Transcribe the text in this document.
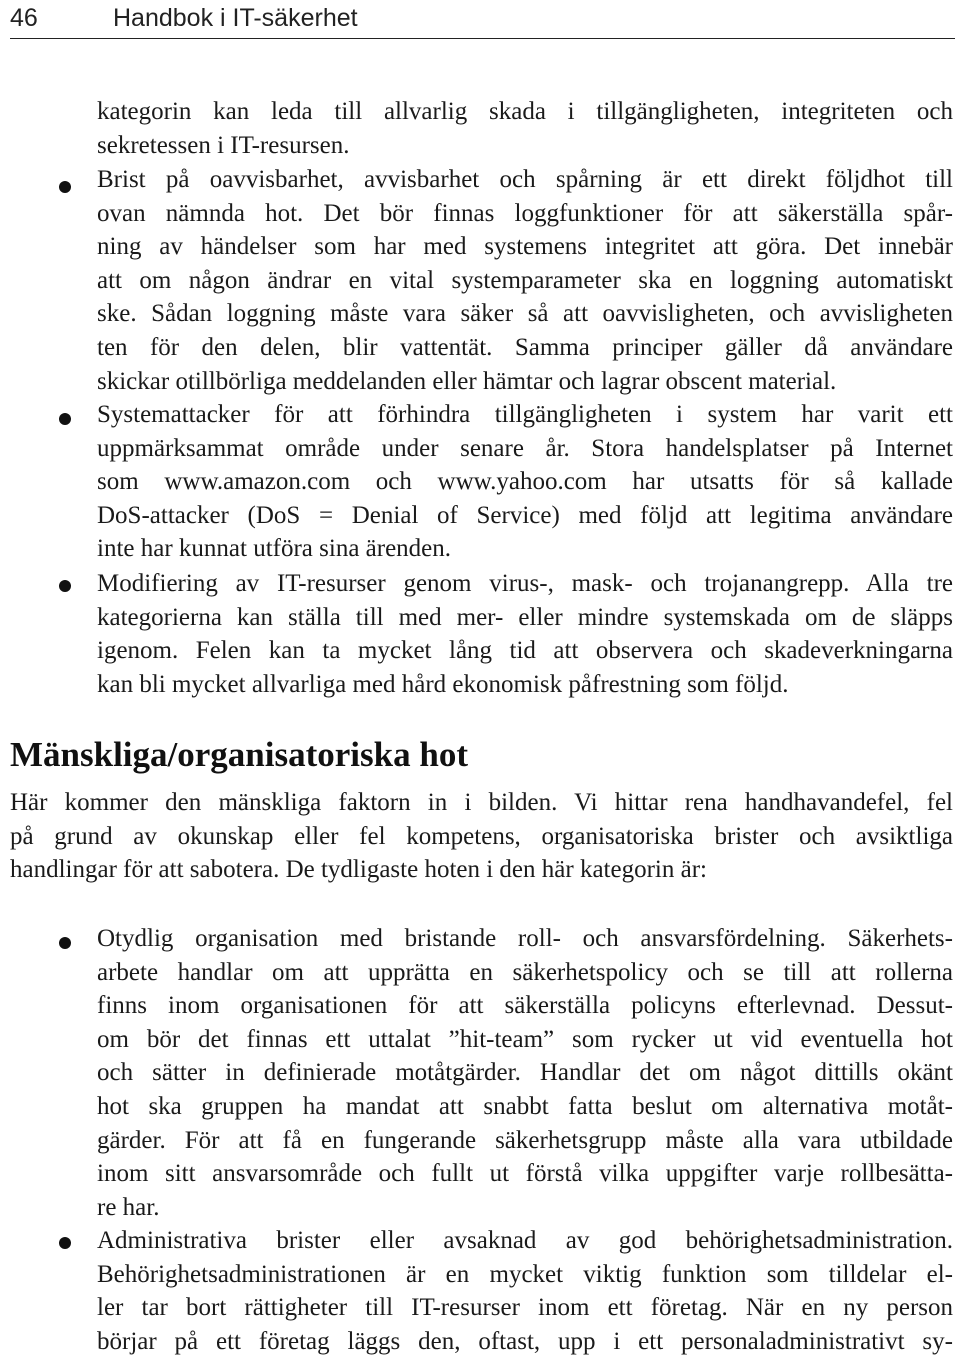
46	Handbok i IT-säkerhet
kategorin kan leda till allvarlig skada i tillgängligheten, integriteten och
sekretessen i IT-resursen.
Brist på oavvisbarhet, avvisbarhet och spårning är ett direkt följdhot till
ovan nämnda hot. Det bör finnas loggfunktioner för att säkerställa spår-
ning av händelser som har med systemens integritet att göra. Det innebär
att om någon ändrar en vital systemparameter ska en loggning automatiskt
ske. Sådan loggning måste vara säker så att oavvisligheten, och avvisligheten
ten för den delen, blir vattentät. Samma principer gäller då användare
skickar otillbörliga meddelanden eller hämtar och lagrar obscent material.
Systemattacker för att förhindra tillgängligheten i system har varit ett
uppmärksammat område under senare år. Stora handelsplatser på Internet
som www.amazon.com och www.yahoo.com har utsatts för så kallade
DoS-attacker (DoS = Denial of Service) med följd att legitima användare
inte har kunnat utföra sina ärenden.
Modifiering av IT-resurser genom virus-, mask- och trojanangrepp. Alla tre
kategorierna kan ställa till med mer- eller mindre systemskada om de släpps
igenom. Felen kan ta mycket lång tid att observera och skadeverkningarna
kan bli mycket allvarliga med hård ekonomisk påfrestning som följd.
Mänskliga/organisatoriska hot
Här kommer den mänskliga faktorn in i bilden. Vi hittar rena handhavandefel, fel
på grund av okunskap eller fel kompetens, organisatoriska brister och avsiktliga
handlingar för att sabotera. De tydligaste hoten i den här kategorin är:
Otydlig organisation med bristande roll- och ansvarsfördelning. Säkerhets-
arbete handlar om att upprätta en säkerhetspolicy och se till att rollerna
finns inom organisationen för att säkerställa policyns efterlevnad. Dessut-
om bör det finnas ett uttalat ”hit-team” som rycker ut vid eventuella hot
och sätter in definierade motåtgärder. Handlar det om något dittills okänt
hot ska gruppen ha mandat att snabbt fatta beslut om alternativa motåt-
gärder. För att få en fungerande säkerhetsgrupp måste alla vara utbildade
inom sitt ansvarsområde och fullt ut förstå vilka uppgifter varje rollbesätta-
re har.
Administrativa brister eller avsaknad av god behörighetsadministration.
Behörighetsadministrationen är en mycket viktig funktion som tilldelar el-
ler tar bort rättigheter till IT-resurser inom ett företag. När en ny person
börjar på ett företag läggs den, oftast, upp i ett personaladministrativt sy-
